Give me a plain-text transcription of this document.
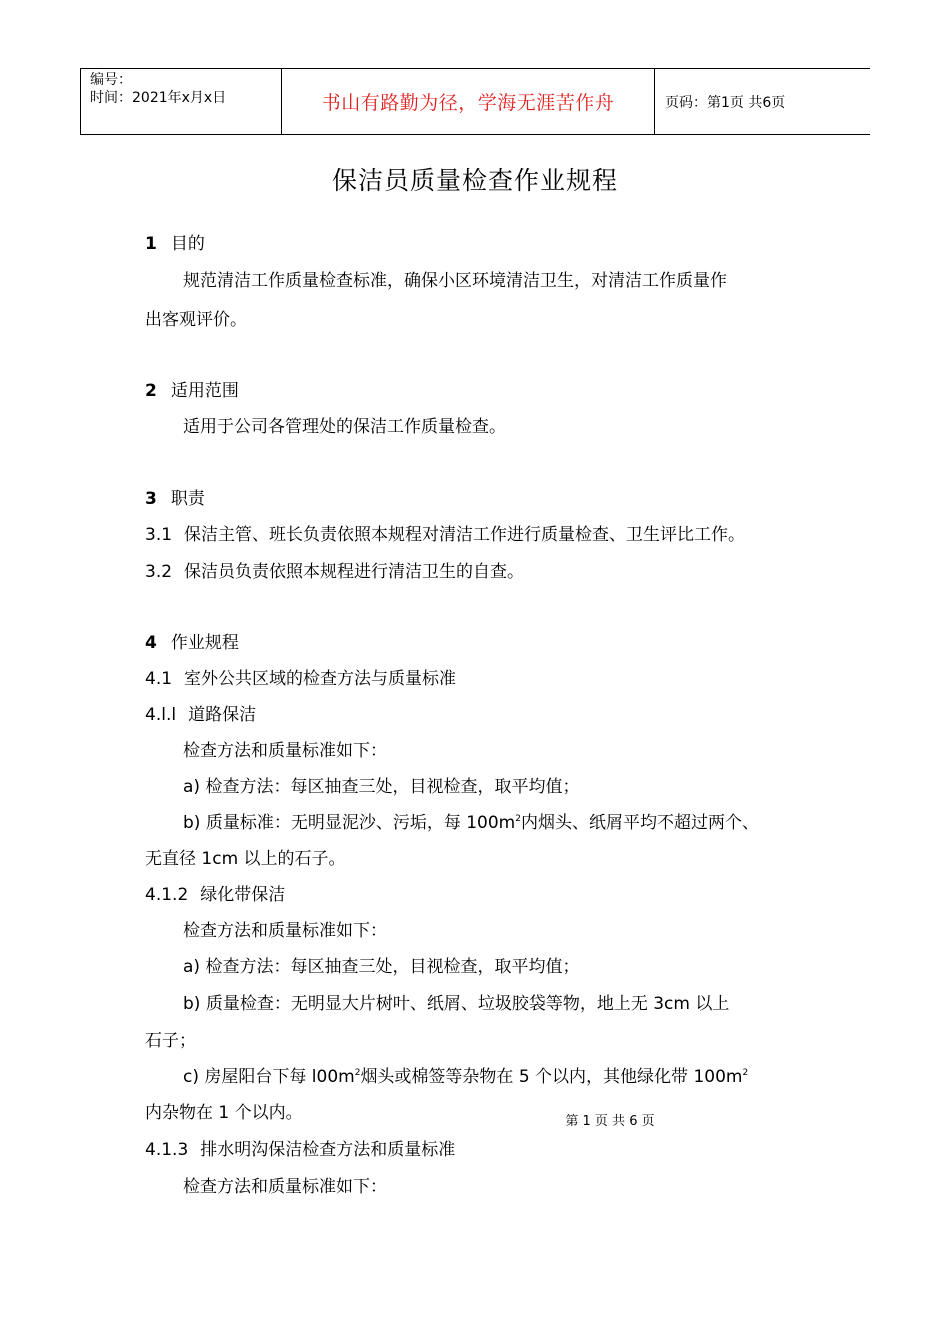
编号：
时间：2021年x月x日	书山有路勤为径，学海无涯苦作舟	页码：第1页 共6页
保洁员质量检查作业规程
1 目的
规范清洁工作质量检查标准，确保小区环境清洁卫生，对清洁工作质量作
出客观评价。
2 适用范围
适用于公司各管理处的保洁工作质量检查。
3 职责
3.1 保洁主管、班长负责依照本规程对清洁工作进行质量检查、卫生评比工作。
3.2 保洁员负责依照本规程进行清洁卫生的自查。
4 作业规程
4.1 室外公共区域的检查方法与质量标准
4.l.l 道路保洁
检查方法和质量标准如下：
a) 检查方法：每区抽查三处，目视检查，取平均值；
b) 质量标准：无明显泥沙、污垢，每 $100m^2$内烟头、纸屑平均不超过两个、
无直径 1cm 以上的石子。
4.1.2 绿化带保洁
检查方法和质量标准如下：
a) 检查方法：每区抽查三处，目视检查，取平均值；
b) 质量检查：无明显大片树叶、纸屑、垃圾胶袋等物，地上无 3cm 以上
石子；
c) 房屋阳台下每 $l00m^2$烟头或棉签等杂物在 5 个以内，其他绿化带 $100m^2$
内杂物在 1 个以内。	第 1 页 共 6 页
4.1.3 排水明沟保洁检查方法和质量标准
检查方法和质量标准如下：
